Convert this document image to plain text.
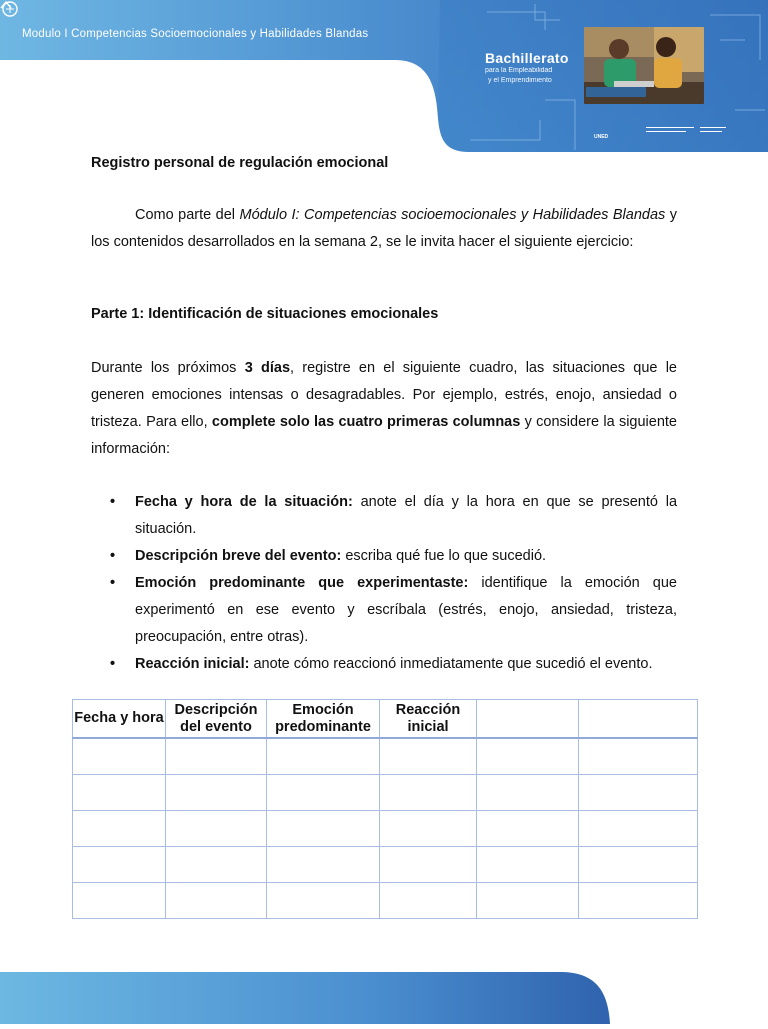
Modulo I Competencias Socioemocionales y Habilidades Blandas
Bachillerato
para la Empleabilidad
y el Emprendimiento
UNED

Registro personal de regulación emocional

Como parte del Módulo I: Competencias socioemocionales y Habilidades Blandas y los contenidos desarrollados en la semana 2, se le invita hacer el siguiente ejercicio:

Parte 1: Identificación de situaciones emocionales

Durante los próximos 3 días, registre en el siguiente cuadro, las situaciones que le generen emociones intensas o desagradables. Por ejemplo, estrés, enojo, ansiedad o tristeza. Para ello, complete solo las cuatro primeras columnas y considere la siguiente información:

• Fecha y hora de la situación: anote el día y la hora en que se presentó la situación.
• Descripción breve del evento: escriba qué fue lo que sucedió.
• Emoción predominante que experimentaste: identifique la emoción que experimentó en ese evento y escríbala (estrés, enojo, ansiedad, tristeza, preocupación, entre otras).
• Reacción inicial: anote cómo reaccionó inmediatamente que sucedió el evento.
Fecha y hora	Descripción del evento	Emoción predominante	Reacción inicial		
